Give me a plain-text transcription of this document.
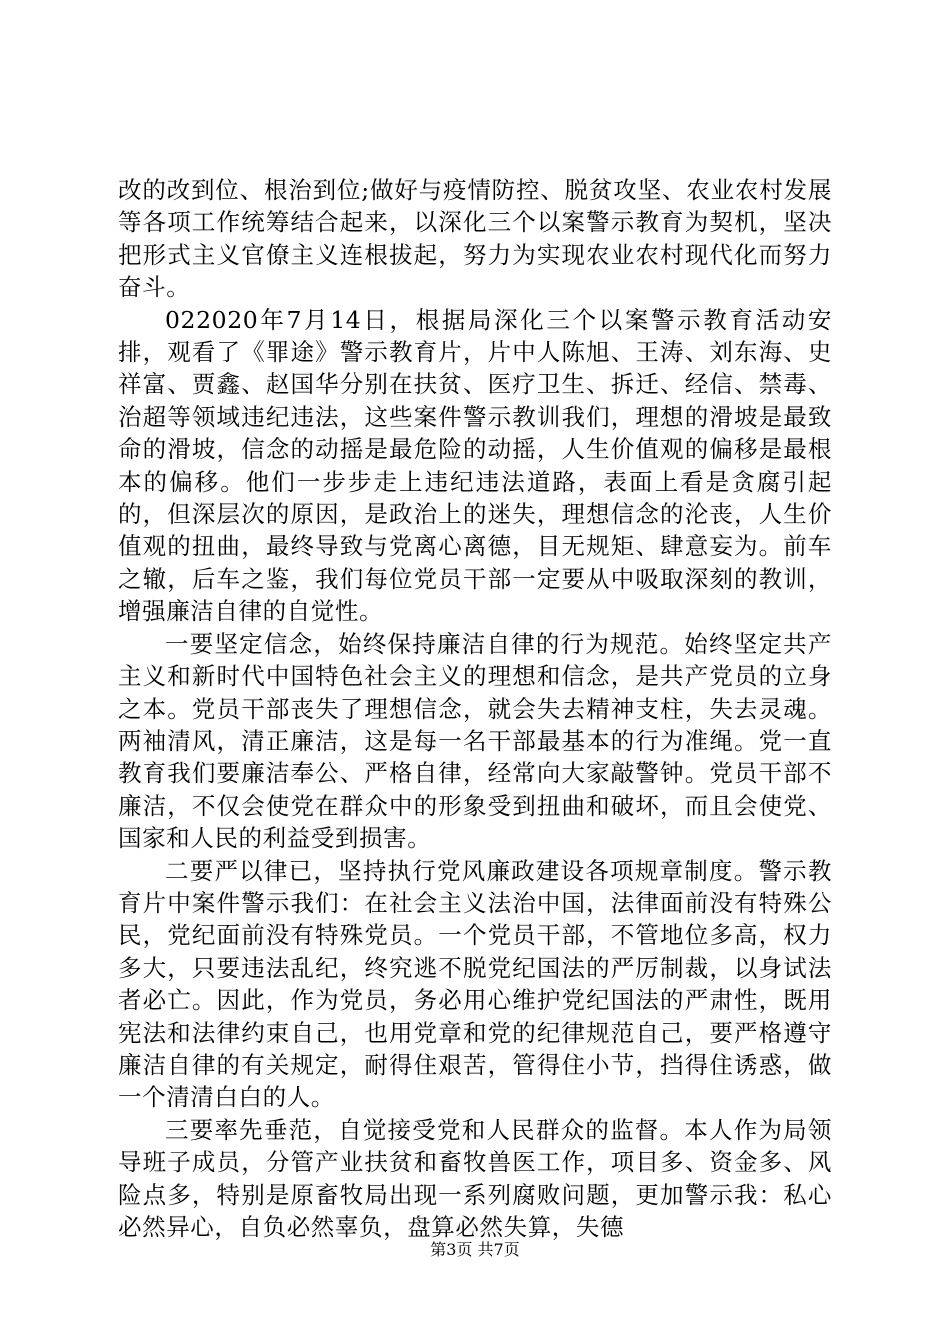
改的改到位、根治到位;做好与疫情防控、脱贫攻坚、农业农村发展等各项工作统筹结合起来，以深化三个以案警示教育为契机，坚决把形式主义官僚主义连根拔起，努力为实现农业农村现代化而努力奋斗。

022020年7月14日，根据局深化三个以案警示教育活动安排，观看了《罪途》警示教育片，片中人陈旭、王涛、刘东海、史祥富、贾鑫、赵国华分别在扶贫、医疗卫生、拆迁、经信、禁毒、治超等领域违纪违法，这些案件警示教训我们，理想的滑坡是最致命的滑坡，信念的动摇是最危险的动摇，人生价值观的偏移是最根本的偏移。他们一步步走上违纪违法道路，表面上看是贪腐引起的，但深层次的原因，是政治上的迷失，理想信念的沦丧，人生价值观的扭曲，最终导致与党离心离德，目无规矩、肆意妄为。前车之辙，后车之鉴，我们每位党员干部一定要从中吸取深刻的教训，增强廉洁自律的自觉性。

一要坚定信念，始终保持廉洁自律的行为规范。始终坚定共产主义和新时代中国特色社会主义的理想和信念，是共产党员的立身之本。党员干部丧失了理想信念，就会失去精神支柱，失去灵魂。两袖清风，清正廉洁，这是每一名干部最基本的行为准绳。党一直教育我们要廉洁奉公、严格自律，经常向大家敲警钟。党员干部不廉洁，不仅会使党在群众中的形象受到扭曲和破坏，而且会使党、国家和人民的利益受到损害。

二要严以律已，坚持执行党风廉政建设各项规章制度。警示教育片中案件警示我们：在社会主义法治中国，法律面前没有特殊公民，党纪面前没有特殊党员。一个党员干部，不管地位多高，权力多大，只要违法乱纪，终究逃不脱党纪国法的严厉制裁，以身试法者必亡。因此，作为党员，务必用心维护党纪国法的严肃性，既用宪法和法律约束自己，也用党章和党的纪律规范自己，要严格遵守廉洁自律的有关规定，耐得住艰苦，管得住小节，挡得住诱惑，做一个清清白白的人。

三要率先垂范，自觉接受党和人民群众的监督。本人作为局领导班子成员，分管产业扶贫和畜牧兽医工作，项目多、资金多、风险点多，特别是原畜牧局出现一系列腐败问题，更加警示我：私心必然异心，自负必然辜负，盘算必然失算，失德

第3页 共7页
